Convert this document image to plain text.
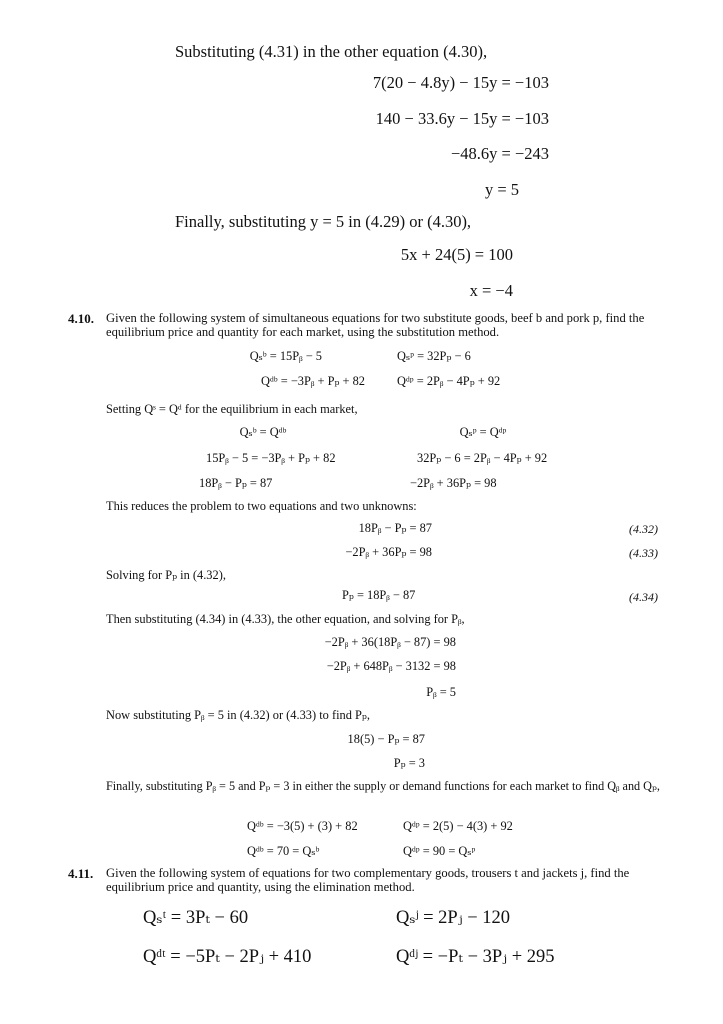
Substituting (4.31) in the other equation (4.30),
7(20 − 4.8y) − 15y = −103
140 − 33.6y − 15y = −103
−48.6y = −243
y = 5
Finally, substituting y = 5 in (4.29) or (4.30),
5x + 24(5) = 100
x = −4
4.10. Given the following system of simultaneous equations for two substitute goods, beef b and pork p, find the equilibrium price and quantity for each market, using the substitution method.
Qₛᵇ = 15Pᵦ − 5	Qₛᵖ = 32Pₚ − 6
Qᵈᵇ = −3Pᵦ + Pₚ + 82	Qᵈᵖ = 2Pᵦ − 4Pₚ + 92
Setting Qˢ = Qᵈ for the equilibrium in each market,
Qₛᵇ = Qᵈᵇ	Qₛᵖ = Qᵈᵖ
15Pᵦ − 5 = −3Pᵦ + Pₚ + 82	32Pₚ − 6 = 2Pᵦ − 4Pₚ + 92
18Pᵦ − Pₚ = 87	−2Pᵦ + 36Pₚ = 98
This reduces the problem to two equations and two unknowns:
18Pᵦ − Pₚ = 87	(4.32)
−2Pᵦ + 36Pₚ = 98	(4.33)
Solving for Pₚ in (4.32),
Pₚ = 18Pᵦ − 87	(4.34)
Then substituting (4.34) in (4.33), the other equation, and solving for Pᵦ,
−2Pᵦ + 36(18Pᵦ − 87) = 98
−2Pᵦ + 648Pᵦ − 3132 = 98
Pᵦ = 5
Now substituting Pᵦ = 5 in (4.32) or (4.33) to find Pₚ,
18(5) − Pₚ = 87
Pₚ = 3
Finally, substituting Pᵦ = 5 and Pₚ = 3 in either the supply or demand functions for each market to find Qᵦ and Qₚ,
Qᵈᵇ = −3(5) + (3) + 82	Qᵈᵖ = 2(5) − 4(3) + 92
Qᵈᵇ = 70 = Qₛᵇ	Qᵈᵖ = 90 = Qₛᵖ
4.11. Given the following system of equations for two complementary goods, trousers t and jackets j, find the equilibrium price and quantity, using the elimination method.
Qₛᵗ = 3Pₜ − 60	Qₛʲ = 2Pⱼ − 120
Qᵈᵗ = −5Pₜ − 2Pⱼ + 410	Qᵈʲ = −Pₜ − 3Pⱼ + 295
